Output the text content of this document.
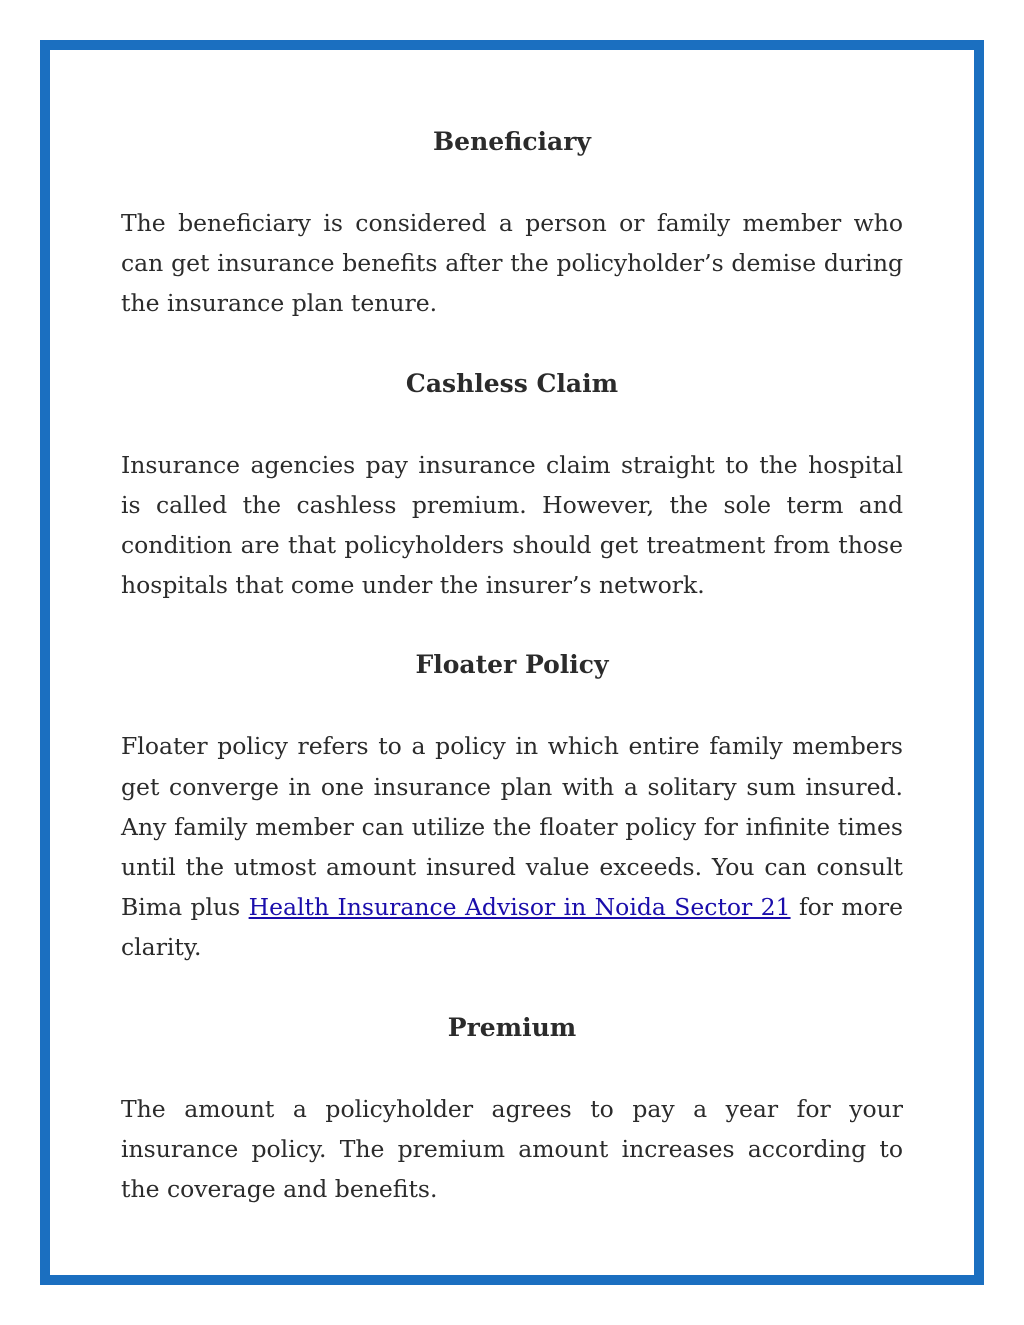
Beneficiary

The beneficiary is considered a person or family member who can get insurance benefits after the policyholder’s demise during the insurance plan tenure.

Cashless Claim

Insurance agencies pay insurance claim straight to the hospital is called the cashless premium. However, the sole term and condition are that policyholders should get treatment from those hospitals that come under the insurer’s network.

Floater Policy

Floater policy refers to a policy in which entire family members get converge in one insurance plan with a solitary sum insured. Any family member can utilize the floater policy for infinite times until the utmost amount insured value exceeds. You can consult Bima plus Health Insurance Advisor in Noida Sector 21 for more clarity.

Premium

The amount a policyholder agrees to pay a year for your insurance policy. The premium amount increases according to the coverage and benefits.
